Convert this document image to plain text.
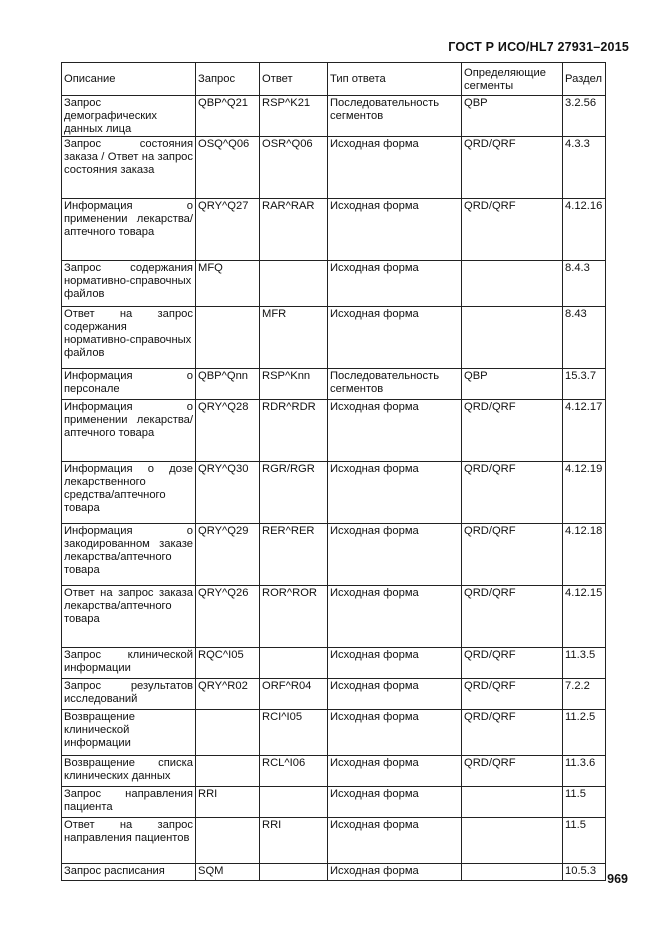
ГОСТ Р ИСО/HL7 27931–2015
Описание	Запрос	Ответ	Тип ответа	Определяющие сегменты	Раздел
Запрос демографических данных лица	QBP^Q21	RSP^K21	Последовательность сегментов	QBP	3.2.56
Запрос состояния заказа / Ответ на запрос состояния заказа	OSQ^Q06	OSR^Q06	Исходная форма	QRD/QRF	4.3.3
Информация о применении лекарства/аптечного товара	QRY^Q27	RAR^RAR	Исходная форма	QRD/QRF	4.12.16
Запрос содержания нормативно-справочных файлов	MFQ		Исходная форма		8.4.3
Ответ на запрос содержания нормативно-справочных файлов		MFR	Исходная форма		8.43
Информация о персонале	QBP^Qnn	RSP^Knn	Последовательность сегментов	QBP	15.3.7
Информация о применении лекарства/аптечного товара	QRY^Q28	RDR^RDR	Исходная форма	QRD/QRF	4.12.17
Информация о дозе лекарственного средства/аптечного товара	QRY^Q30	RGR/RGR	Исходная форма	QRD/QRF	4.12.19
Информация о закодированном заказе лекарства/аптечного товара	QRY^Q29	RER^RER	Исходная форма	QRD/QRF	4.12.18
Ответ на запрос заказа лекарства/аптечного товара	QRY^Q26	ROR^ROR	Исходная форма	QRD/QRF	4.12.15
Запрос клинической информации	RQC^I05		Исходная форма	QRD/QRF	11.3.5
Запрос результатов исследований	QRY^R02	ORF^R04	Исходная форма	QRD/QRF	7.2.2
Возвращение клинической информации		RCI^I05	Исходная форма	QRD/QRF	11.2.5
Возвращение списка клинических данных		RCL^I06	Исходная форма	QRD/QRF	11.3.6
Запрос направления пациента	RRI		Исходная форма		11.5
Ответ на запрос направления пациентов		RRI	Исходная форма		11.5
Запрос расписания	SQM		Исходная форма		10.5.3
969
